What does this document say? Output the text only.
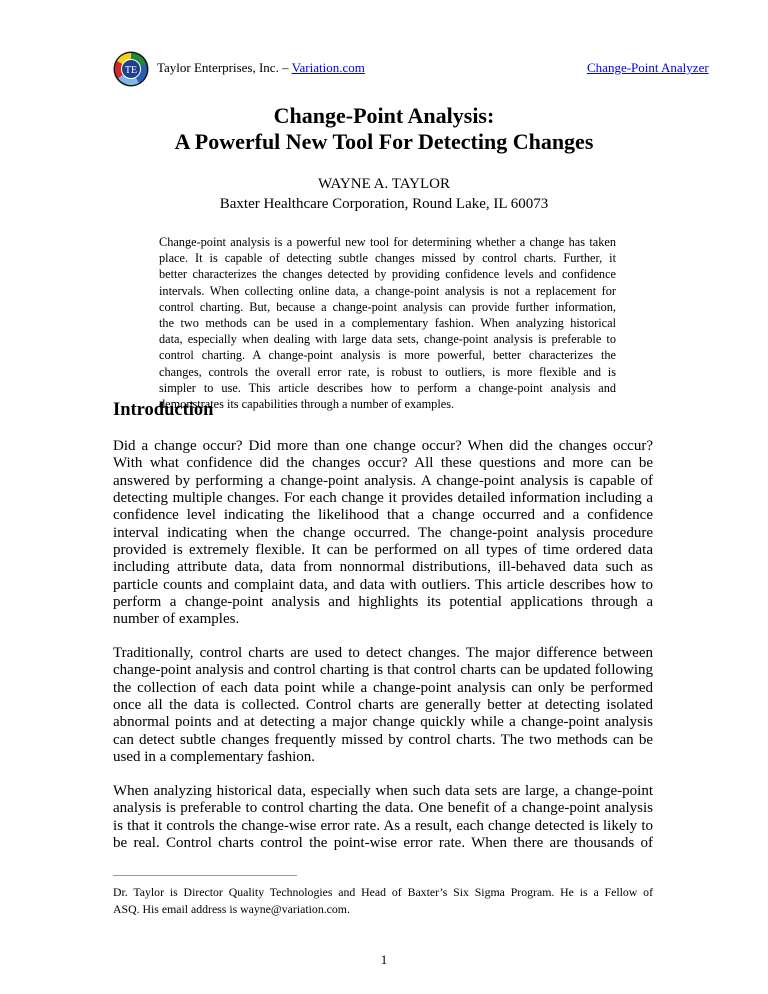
TE Taylor Enterprises, Inc. – Variation.com	Change-Point Analyzer
Change-Point Analysis:
A Powerful New Tool For Detecting Changes
WAYNE A. TAYLOR
Baxter Healthcare Corporation, Round Lake, IL 60073
Change-point analysis is a powerful new tool for determining whether a change has taken
place. It is capable of detecting subtle changes missed by control charts. Further, it
better characterizes the changes detected by providing confidence levels and confidence
intervals. When collecting online data, a change-point analysis is not a replacement for
control charting. But, because a change-point analysis can provide further information,
the two methods can be used in a complementary fashion. When analyzing historical
data, especially when dealing with large data sets, change-point analysis is preferable to
control charting. A change-point analysis is more powerful, better characterizes the
changes, controls the overall error rate, is robust to outliers, is more flexible and is
simpler to use. This article describes how to perform a change-point analysis and
demonstrates its capabilities through a number of examples.
Introduction
Did a change occur? Did more than one change occur? When did the changes occur?
With what confidence did the changes occur? All these questions and more can be
answered by performing a change-point analysis. A change-point analysis is capable of
detecting multiple changes. For each change it provides detailed information including a
confidence level indicating the likelihood that a change occurred and a confidence
interval indicating when the change occurred. The change-point analysis procedure
provided is extremely flexible. It can be performed on all types of time ordered data
including attribute data, data from nonnormal distributions, ill-behaved data such as
particle counts and complaint data, and data with outliers. This article describes how to
perform a change-point analysis and highlights its potential applications through a
number of examples.
Traditionally, control charts are used to detect changes. The major difference between
change-point analysis and control charting is that control charts can be updated following
the collection of each data point while a change-point analysis can only be performed
once all the data is collected. Control charts are generally better at detecting isolated
abnormal points and at detecting a major change quickly while a change-point analysis
can detect subtle changes frequently missed by control charts. The two methods can be
used in a complementary fashion.
When analyzing historical data, especially when such data sets are large, a change-point
analysis is preferable to control charting the data. One benefit of a change-point analysis
is that it controls the change-wise error rate. As a result, each change detected is likely to
be real. Control charts control the point-wise error rate. When there are thousands of
Dr. Taylor is Director Quality Technologies and Head of Baxter’s Six Sigma Program. He is a Fellow of
ASQ. His email address is wayne@variation.com.
1
